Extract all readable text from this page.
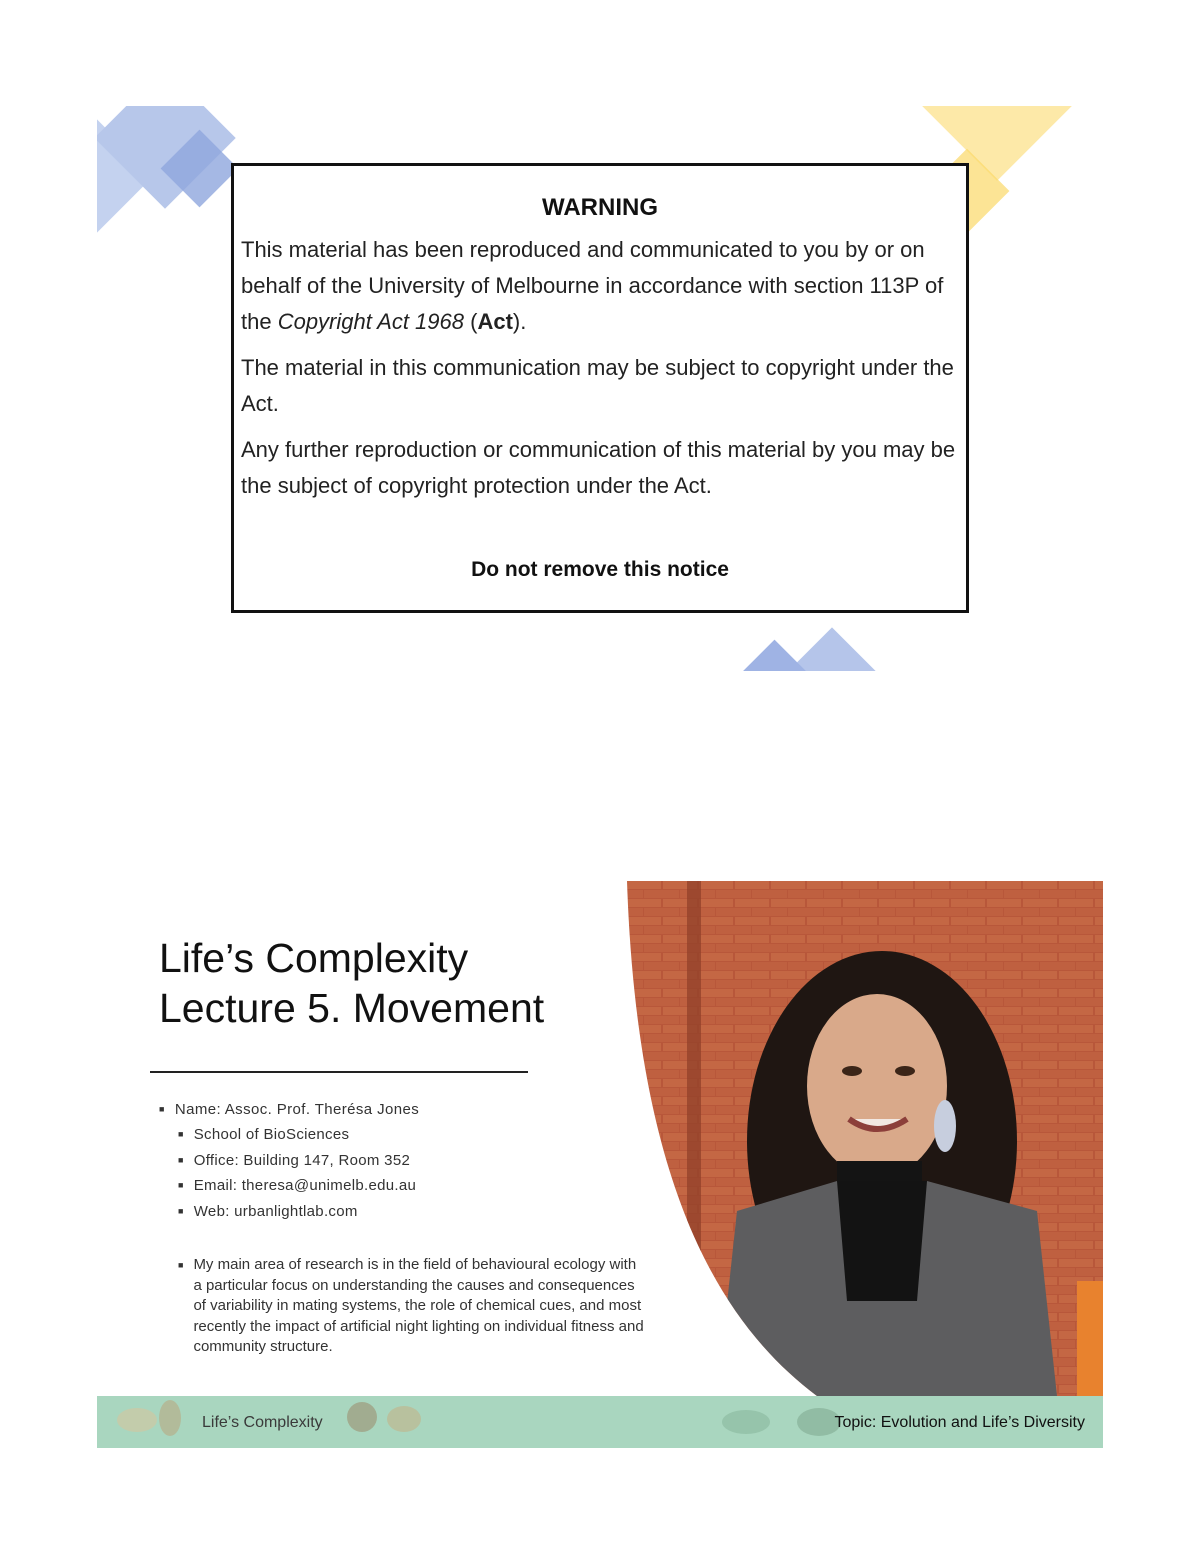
WARNING

This material has been reproduced and communicated to you by or on behalf of the University of Melbourne in accordance with section 113P of the Copyright Act 1968 (Act).

The material in this communication may be subject to copyright under the Act.

Any further reproduction or communication of this material by you may be the subject of copyright protection under the Act.

Do not remove this notice
Life’s Complexity
Lecture 5. Movement
■ Name: Assoc. Prof. Therésa Jones
■ School of BioSciences
■ Office: Building 147, Room 352
■ Email: theresa@unimelb.edu.au
■ Web: urbanlightlab.com
■ My main area of research is in the field of behavioural ecology with a particular focus on understanding the causes and consequences of variability in mating systems, the role of chemical cues, and most recently the impact of artificial night lighting on individual fitness and community structure.
Life’s Complexity	Topic: Evolution and Life’s Diversity
